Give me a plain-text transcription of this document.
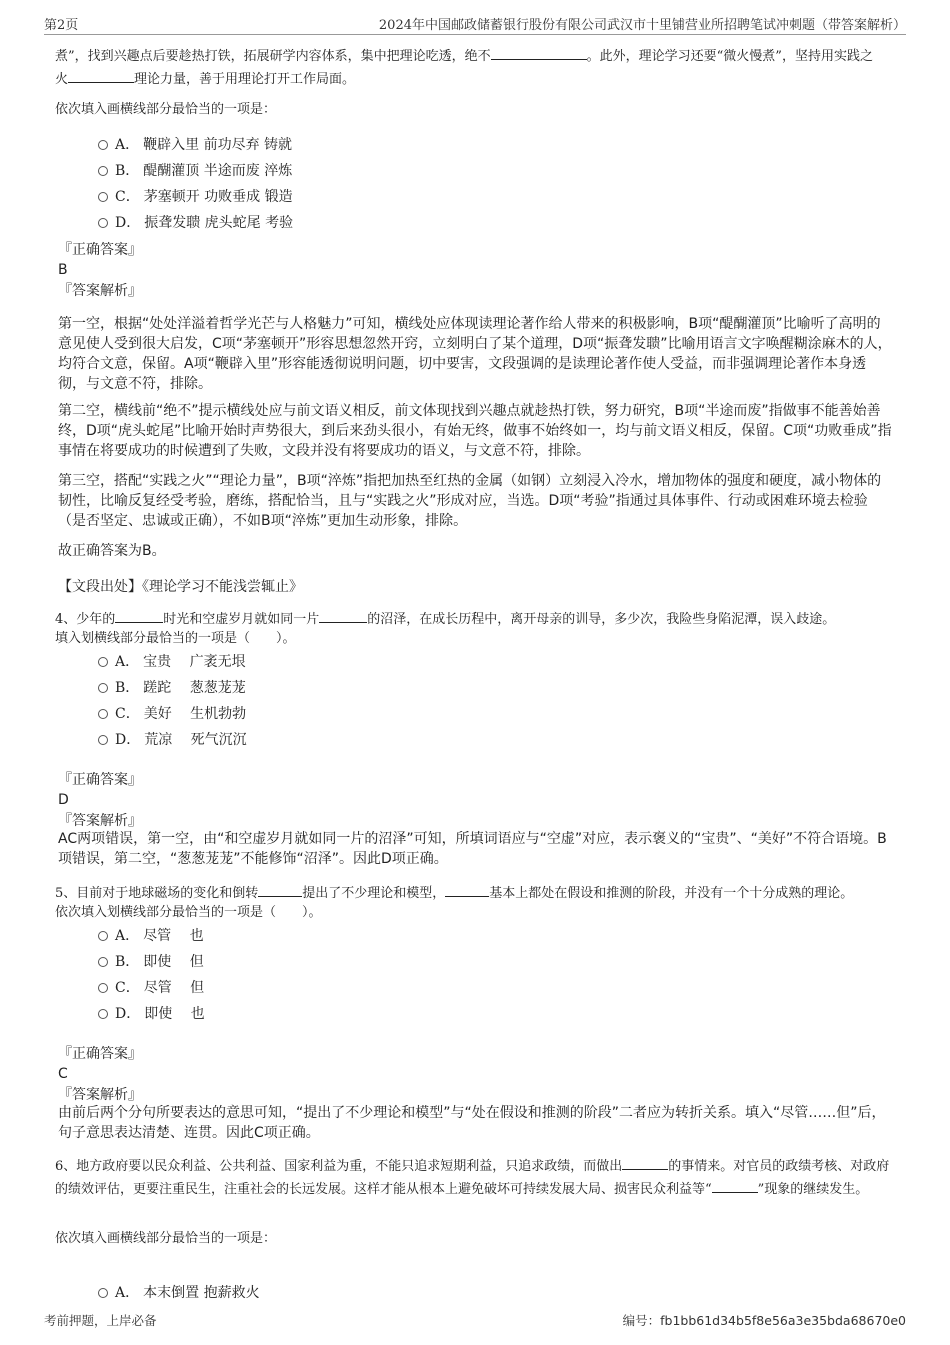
第2页	2024年中国邮政储蓄银行股份有限公司武汉市十里铺营业所招聘笔试冲刺题（带答案解析）
煮”，找到兴趣点后要趁热打铁，拓展研学内容体系，集中把理论吃透，绝不	。此外，理论学习还要“微火慢煮”，坚持用实践之
火	理论力量，善于用理论打开工作局面。
依次填入画横线部分最恰当的一项是：
A． 鞭辟入里 前功尽弃 铸就
B． 醍醐灌顶 半途而废 淬炼
C． 茅塞顿开 功败垂成 锻造
D． 振聋发聩 虎头蛇尾 考验
『正确答案』
B
『答案解析』
第一空，根据“处处洋溢着哲学光芒与人格魅力”可知，横线处应体现读理论著作给人带来的积极影响，B项“醍醐灌顶”比喻听了高明的意见使人受到很大启发，C项“茅塞顿开”形容思想忽然开窍，立刻明白了某个道理，D项“振聋发聩”比喻用语言文字唤醒糊涂麻木的人，均符合文意，保留。A项“鞭辟入里”形容能透彻说明问题，切中要害，文段强调的是读理论著作使人受益，而非强调理论著作本身透彻，与文意不符，排除。
第二空，横线前“绝不”提示横线处应与前文语义相反，前文体现找到兴趣点就趁热打铁，努力研究，B项“半途而废”指做事不能善始善终，D项“虎头蛇尾”比喻开始时声势很大，到后来劲头很小，有始无终，做事不始终如一，均与前文语义相反，保留。C项“功败垂成”指事情在将要成功的时候遭到了失败，文段并没有将要成功的语义，与文意不符，排除。
第三空，搭配“实践之火”“理论力量”，B项“淬炼”指把加热至红热的金属（如钢）立刻浸入冷水，增加物体的强度和硬度，减小物体的韧性，比喻反复经受考验，磨练，搭配恰当，且与“实践之火”形成对应，当选。D项“考验”指通过具体事件、行动或困难环境去检验（是否坚定、忠诚或正确），不如B项“淬炼”更加生动形象，排除。
故正确答案为B。
【文段出处】《理论学习不能浅尝辄止》
4、少年的	时光和空虚岁月就如同一片	的沼泽，在成长历程中，离开母亲的训导，多少次，我险些身陷泥潭，误入歧途。
填入划横线部分最恰当的一项是（　　）。
A． 宝贵　 广袤无垠
B． 蹉跎　 葱葱茏茏
C． 美好　 生机勃勃
D． 荒凉　 死气沉沉
『正确答案』
D
『答案解析』
AC两项错误，第一空，由“和空虚岁月就如同一片的沼泽”可知，所填词语应与“空虚”对应，表示褒义的“宝贵”、“美好”不符合语境。B项错误，第二空，“葱葱茏茏”不能修饰“沼泽”。因此D项正确。
5、目前对于地球磁场的变化和倒转	提出了不少理论和模型，	基本上都处在假设和推测的阶段，并没有一个十分成熟的理论。
依次填入划横线部分最恰当的一项是（　　）。
A． 尽管　 也
B． 即使　 但
C． 尽管　 但
D． 即使　 也
『正确答案』
C
『答案解析』
由前后两个分句所要表达的意思可知，“提出了不少理论和模型”与“处在假设和推测的阶段”二者应为转折关系。填入“尽管……但”后，句子意思表达清楚、连贯。因此C项正确。
6、地方政府要以民众利益、公共利益、国家利益为重，不能只追求短期利益，只追求政绩，而做出	的事情来。对官员的政绩考核、对政府的绩效评估，更要注重民生，注重社会的长远发展。这样才能从根本上避免破坏可持续发展大局、损害民众利益等“	”现象的继续发生。
依次填入画横线部分最恰当的一项是：
A． 本末倒置 抱薪救火
考前押题，上岸必备	编号：fb1bb61d34b5f8e56a3e35bda68670e0
